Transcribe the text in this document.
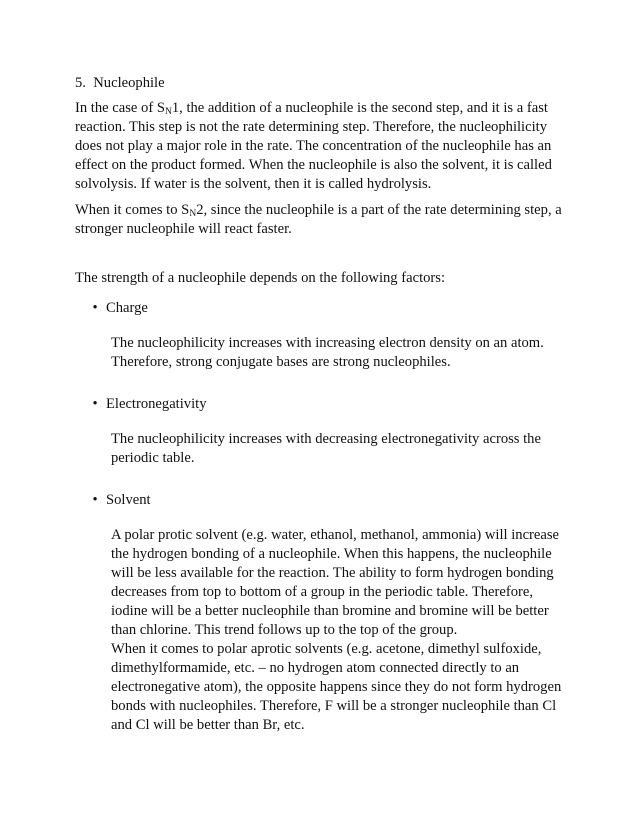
5. Nucleophile

In the case of $S_N1$, the addition of a nucleophile is the second step, and it is a fast reaction. This step is not the rate determining step. Therefore, the nucleophilicity does not play a major role in the rate. The concentration of the nucleophile has an effect on the product formed. When the nucleophile is also the solvent, it is called solvolysis. If water is the solvent, then it is called hydrolysis.

When it comes to $S_N2$, since the nucleophile is a part of the rate determining step, a stronger nucleophile will react faster.

The strength of a nucleophile depends on the following factors:

• Charge

The nucleophilicity increases with increasing electron density on an atom. Therefore, strong conjugate bases are strong nucleophiles.

• Electronegativity

The nucleophilicity increases with decreasing electronegativity across the periodic table.

• Solvent
A polar protic solvent (e.g. water, ethanol, methanol, ammonia) will increase the hydrogen bonding of a nucleophile. When this happens, the nucleophile will be less available for the reaction. The ability to form hydrogen bonding decreases from top to bottom of a group in the periodic table. Therefore, iodine will be a better nucleophile than bromine and bromine will be better than chlorine. This trend follows up to the top of the group.
When it comes to polar aprotic solvents (e.g. acetone, dimethyl sulfoxide, dimethylformamide, etc. – no hydrogen atom connected directly to an electronegative atom), the opposite happens since they do not form hydrogen bonds with nucleophiles. Therefore, F will be a stronger nucleophile than Cl and Cl will be better than Br, etc.
